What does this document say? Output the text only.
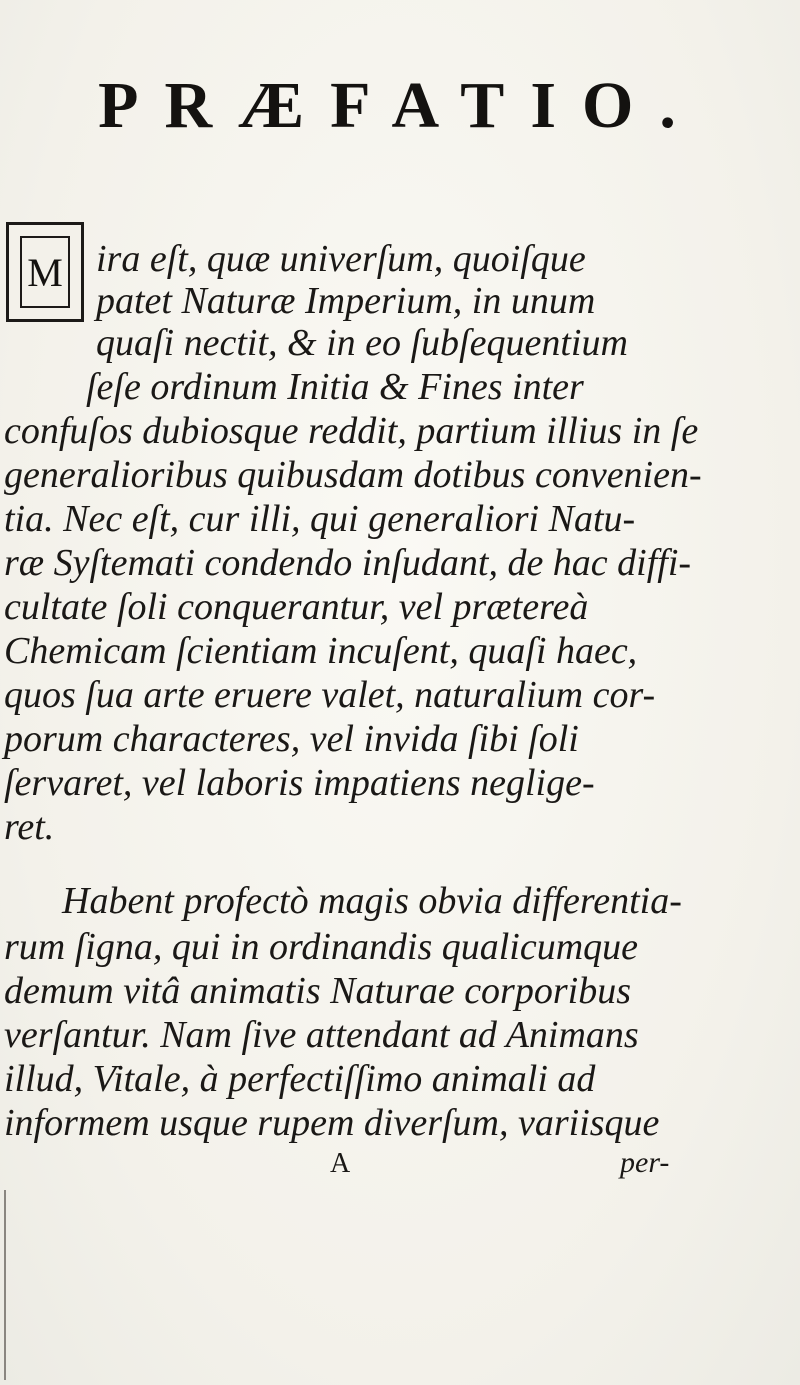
PRÆFATIO.
M ira eſt, quæ univerſum, quoiſque
patet Naturæ Imperium, in unum
quaſi nectit, & in eo ſubſequentium
ſeſe ordinum Initia & Fines inter
confuſos dubiosque reddit, partium illius in ſe
generalioribus quibusdam dotibus convenien-
tia. Nec eſt, cur illi, qui generaliori Natu-
ræ Syſtemati condendo inſudant, de hac diffi-
cultate ſoli conquerantur, vel prætereà
Chemicam ſcientiam incuſent, quaſi haec,
quos ſua arte eruere valet, naturalium cor-
porum characteres, vel invida ſibi ſoli
ſervaret, vel laboris impatiens neglige-
ret.
Habent profectò magis obvia differentia-
rum ſigna, qui in ordinandis qualicumque
demum vitâ animatis Naturae corporibus
verſantur. Nam ſive attendant ad Animans
illud, Vitale, à perfectiſſimo animali ad
informem usque rupem diverſum, variisque
A	per-
